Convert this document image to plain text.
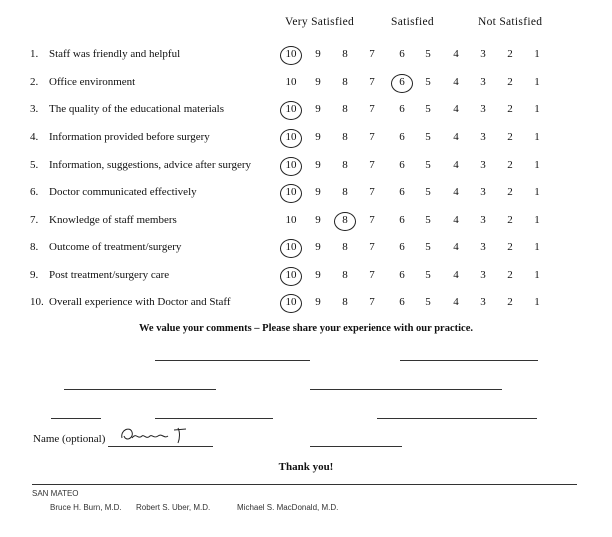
Very Satisfied	Satisfied	Not Satisfied
1. Staff was friendly and helpful	10	9	8	7	6	5	4	3	2	1
2. Office environment	10	9	8	7	6	5	4	3	2	1
3. The quality of the educational materials	10	9	8	7	6	5	4	3	2	1
4. Information provided before surgery	10	9	8	7	6	5	4	3	2	1
5. Information, suggestions, advice after surgery	10	9	8	7	6	5	4	3	2	1
6. Doctor communicated effectively	10	9	8	7	6	5	4	3	2	1
7. Knowledge of staff members	10	9	8	7	6	5	4	3	2	1
8. Outcome of treatment/surgery	10	9	8	7	6	5	4	3	2	1
9. Post treatment/surgery care	10	9	8	7	6	5	4	3	2	1
10. Overall experience with Doctor and Staff	10	9	8	7	6	5	4	3	2	1
We value your comments – Please share your experience with our practice.
Name (optional)
Thank you!
SAN MATEO
Bruce H. Burn, M.D. Robert S. Uber, M.D.	Michael S. MacDonald, M.D.
